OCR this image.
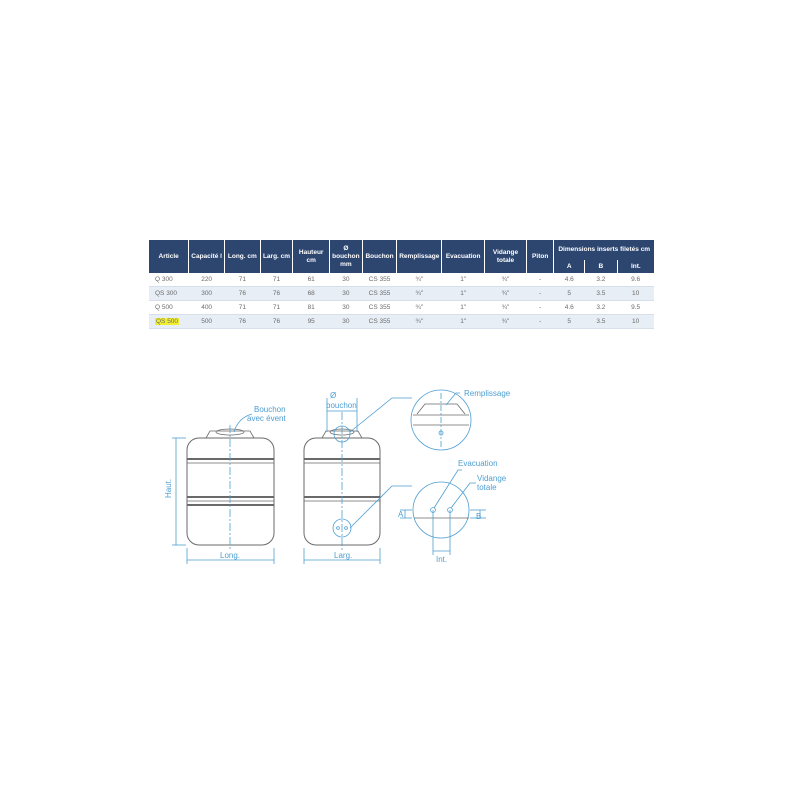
Article	Capacité l	Long. cm	Larg. cm	Hauteur cm	Ø bouchon mm	Bouchon	Remplissage	Evacuation	Vidange totale	Piton	Dimensions inserts filetés cm		
											A	B	Int.
Q 300	220	71	71	61	30	CS 355	¾"	1"	¾"	-	4.6	3.2	9.6
QS 300	300	76	76	68	30	CS 355	¾"	1"	¾"	-	5	3.5	10
Q 500	400	71	71	81	30	CS 355	¾"	1"	¾"	-	4.6	3.2	9.5
QS 500	500	76	76	95	30	CS 355	¾"	1"	¾"	-	5	3.5	10
Bouchon
avec évent
Haut.
Long.	Larg.
Ø
bouchon
Remplissage
Evacuation
Vidange
totale
A	B
Int.
